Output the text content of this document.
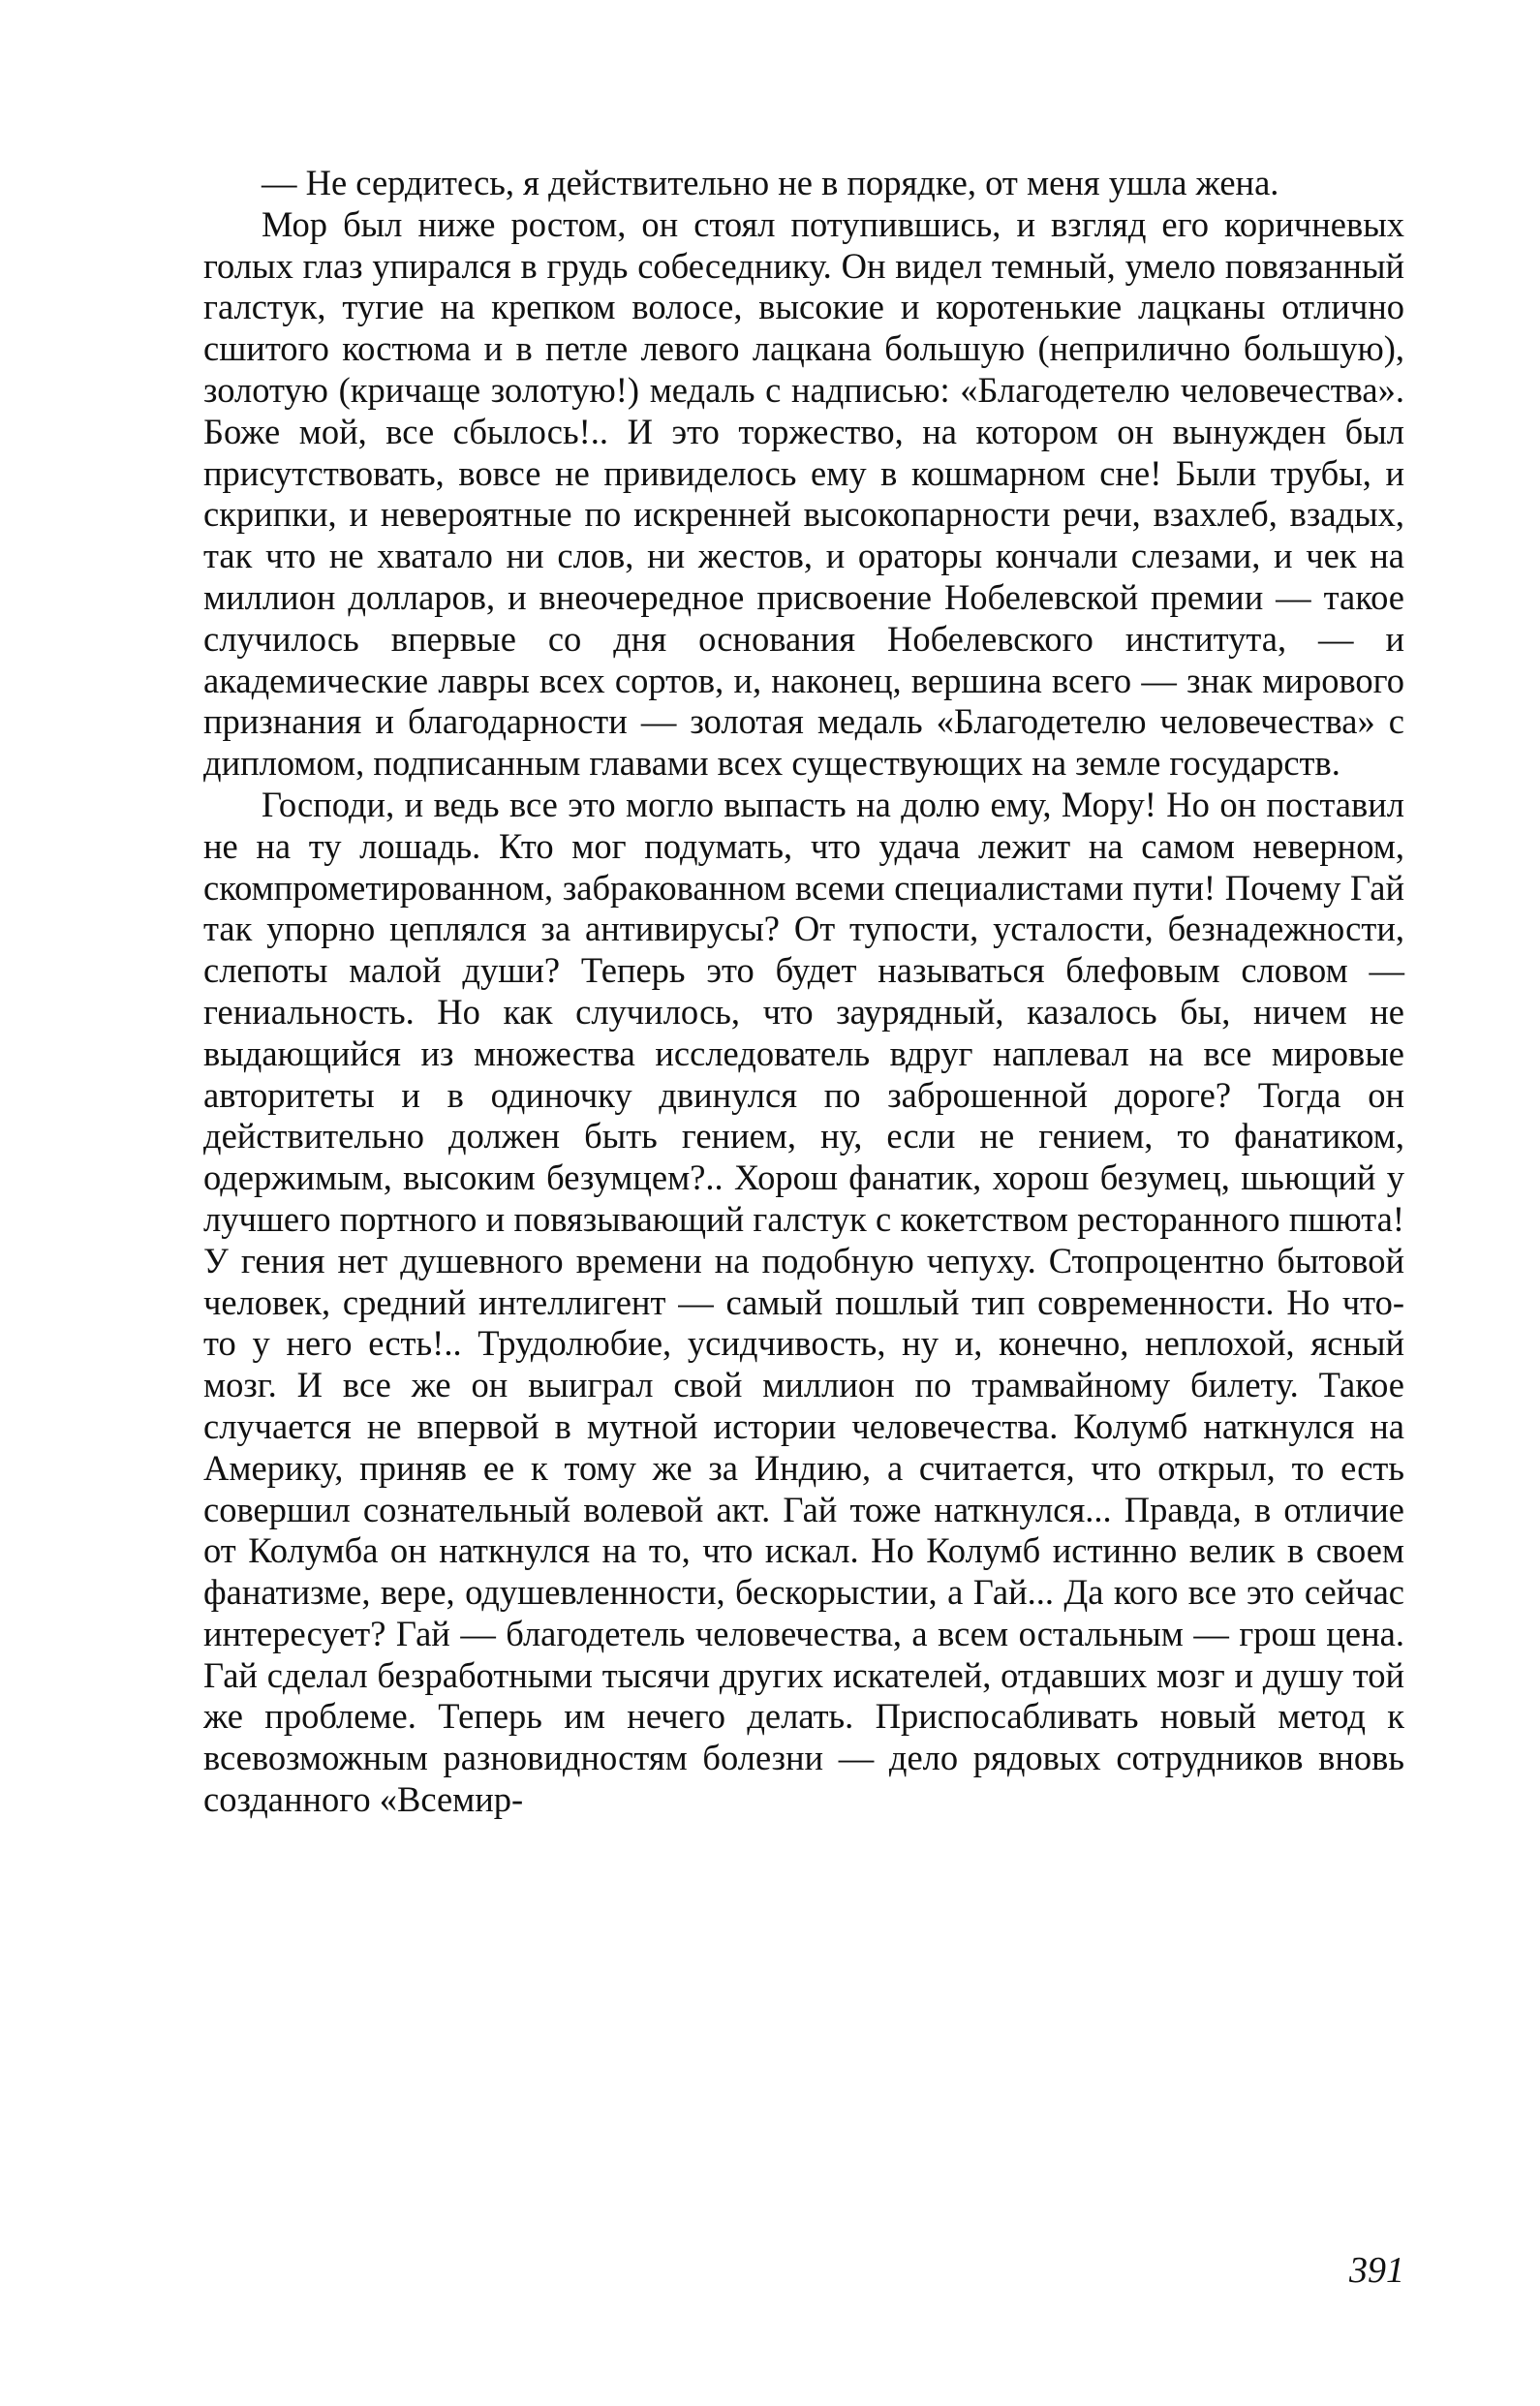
— Не сердитесь, я действительно не в порядке, от меня ушла жена.

Мор был ниже ростом, он стоял потупившись, и взгляд его коричневых голых глаз упирался в грудь собеседнику. Он видел темный, умело повязанный галстук, тугие на крепком волосе, высокие и коротенькие лацканы отлично сшитого костюма и в петле левого лацкана большую (неприлично большую), золотую (кричаще золотую!) медаль с надписью: «Благодетелю человечества». Боже мой, все сбылось!.. И это торжество, на котором он вынужден был присутствовать, вовсе не привиделось ему в кошмарном сне! Были трубы, и скрипки, и невероятные по искренней высокопарности речи, взахлеб, взадых, так что не хватало ни слов, ни жестов, и ораторы кончали слезами, и чек на миллион долларов, и внеочередное присвоение Нобелевской премии — такое случилось впервые со дня основания Нобелевского института, — и академические лавры всех сортов, и, наконец, вершина всего — знак мирового признания и благодарности — золотая медаль «Благодетелю человечества» с дипломом, подписанным главами всех существующих на земле государств.

Господи, и ведь все это могло выпасть на долю ему, Мору! Но он поставил не на ту лошадь. Кто мог подумать, что удача лежит на самом неверном, скомпрометированном, забракованном всеми специалистами пути! Почему Гай так упорно цеплялся за антивирусы? От тупости, усталости, безнадежности, слепоты малой души? Теперь это будет называться блефовым словом — гениальность. Но как случилось, что заурядный, казалось бы, ничем не выдающийся из множества исследователь вдруг наплевал на все мировые авторитеты и в одиночку двинулся по заброшенной дороге? Тогда он действительно должен быть гением, ну, если не гением, то фанатиком, одержимым, высоким безумцем?.. Хорош фанатик, хорош безумец, шьющий у лучшего портного и повязывающий галстук с кокетством ресторанного пшюта! У гения нет душевного времени на подобную чепуху. Стопроцентно бытовой человек, средний интеллигент — самый пошлый тип современности. Но что-то у него есть!.. Трудолюбие, усидчивость, ну и, конечно, неплохой, ясный мозг. И все же он выиграл свой миллион по трамвайному билету. Такое случается не впервой в мутной истории человечества. Колумб наткнулся на Америку, приняв ее к тому же за Индию, а считается, что открыл, то есть совершил сознательный волевой акт. Гай тоже наткнулся... Правда, в отличие от Колумба он наткнулся на то, что искал. Но Колумб истинно велик в своем фанатизме, вере, одушевленности, бескорыстии, а Гай... Да кого все это сейчас интересует? Гай — благодетель человечества, а всем остальным — грош цена. Гай сделал безработными тысячи других искателей, отдавших мозг и душу той же проблеме. Теперь им нечего делать. Приспосабливать новый метод к всевозможным разновидностям болезни — дело рядовых сотрудников вновь созданного «Всемир-

391
